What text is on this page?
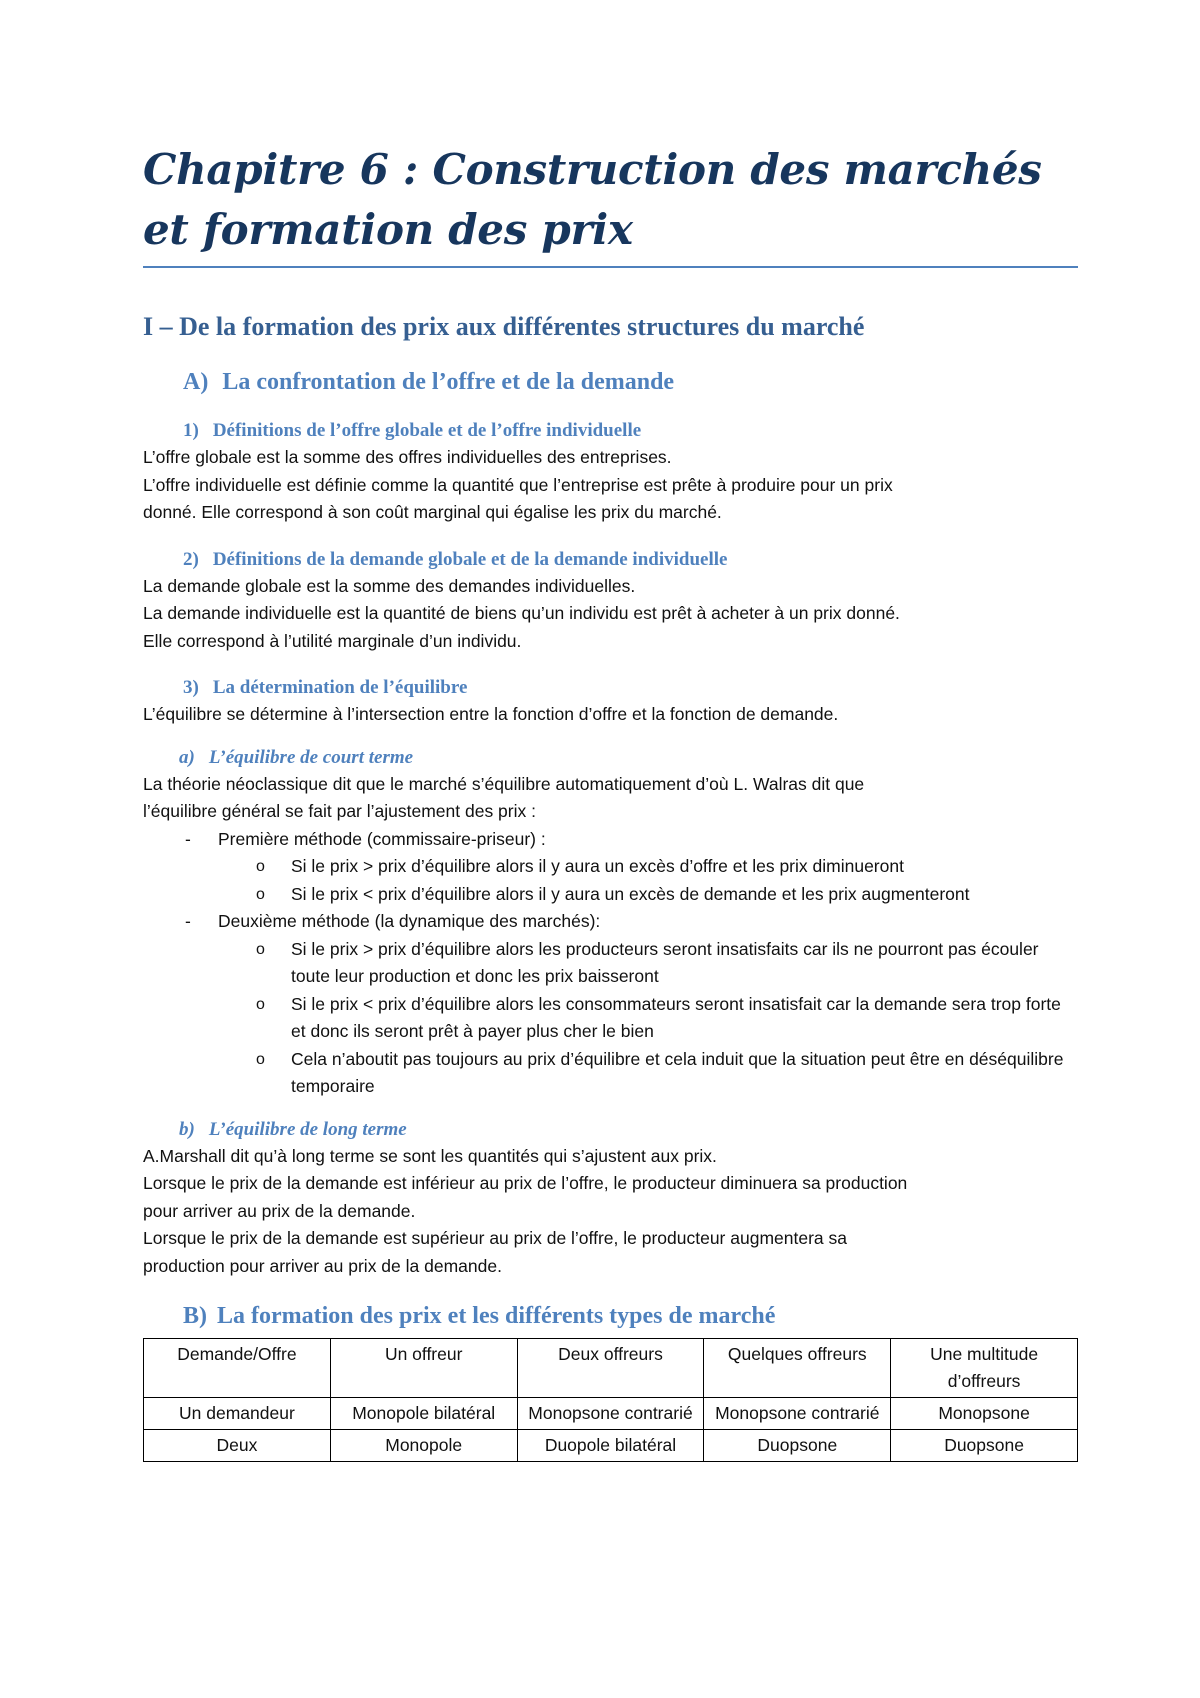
Chapitre 6 : Construction des marchés et formation des prix
I – De la formation des prix aux différentes structures du marché
A) La confrontation de l’offre et de la demande
1) Définitions de l’offre globale et de l’offre individuelle

L’offre globale est la somme des offres individuelles des entreprises.

L’offre individuelle est définie comme la quantité que l’entreprise est prête à produire pour un prix

donné. Elle correspond à son coût marginal qui égalise les prix du marché.

2) Définitions de la demande globale et de la demande individuelle

La demande globale est la somme des demandes individuelles.

La demande individuelle est la quantité de biens qu’un individu est prêt à acheter à un prix donné.

Elle correspond à l’utilité marginale d’un individu.

3) La détermination de l’équilibre

L’équilibre se détermine à l’intersection entre la fonction d’offre et la fonction de demande.

a) L’équilibre de court terme

La théorie néoclassique dit que le marché s’équilibre automatiquement d’où L. Walras dit que

l’équilibre général se fait par l’ajustement des prix :

- Première méthode (commissaire-priseur) :
o Si le prix > prix d’équilibre alors il y aura un excès d’offre et les prix diminueront
o Si le prix < prix d’équilibre alors il y aura un excès de demande et les prix augmenteront
- Deuxième méthode (la dynamique des marchés):
o Si le prix > prix d’équilibre alors les producteurs seront insatisfaits car ils ne pourront pas écouler toute leur production et donc les prix baisseront
o Si le prix < prix d’équilibre alors les consommateurs seront insatisfait car la demande sera trop forte et donc ils seront prêt à payer plus cher le bien
o Cela n’aboutit pas toujours au prix d’équilibre et cela induit que la situation peut être en déséquilibre temporaire
b) L’équilibre de long terme

A.Marshall dit qu’à long terme se sont les quantités qui s’ajustent aux prix.

Lorsque le prix de la demande est inférieur au prix de l’offre, le producteur diminuera sa production

pour arriver au prix de la demande.

Lorsque le prix de la demande est supérieur au prix de l’offre, le producteur augmentera sa

production pour arriver au prix de la demande.

B) La formation des prix et les différents types de marché
Demande/Offre	Un offreur	Deux offreurs	Quelques offreurs	Une multitude d’offreurs
Un demandeur	Monopole bilatéral	Monopsone contrarié	Monopsone contrarié	Monopsone
Deux	Monopole	Duopole bilatéral	Duopsone	Duopsone
